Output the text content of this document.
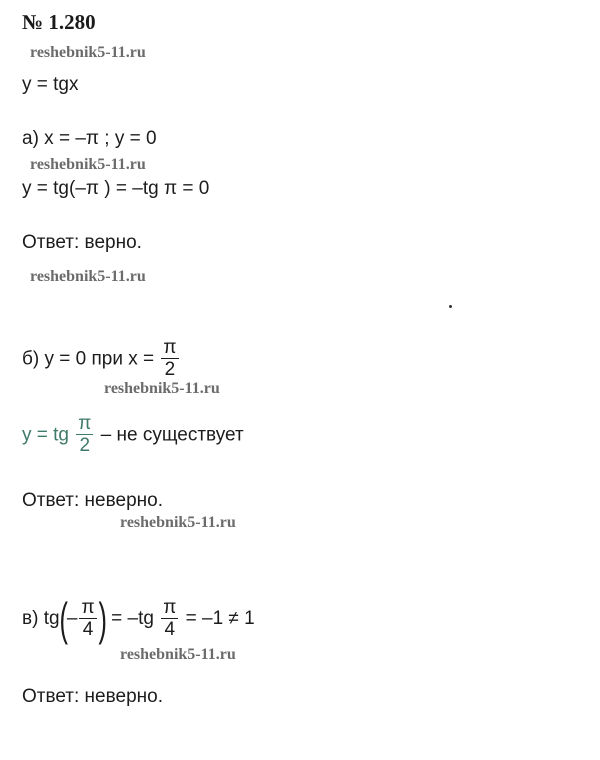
№ 1.280
reshebnik5-11.ru
y = tgx
а) x = –π ; y = 0
reshebnik5-11.ru
y = tg(–π ) = –tg π = 0
Ответ: верно.
reshebnik5-11.ru
б) y = 0 при $x = \frac{\pi}{2}$
reshebnik5-11.ru
y = tg $\frac{\pi}{2}$ – не существует
Ответ: неверно.
reshebnik5-11.ru
в) $tg(- \frac{\pi}{4}$ ) = $-tg \frac{\pi}{4} = -1 \ne 1$
reshebnik5-11.ru
Ответ: неверно.
